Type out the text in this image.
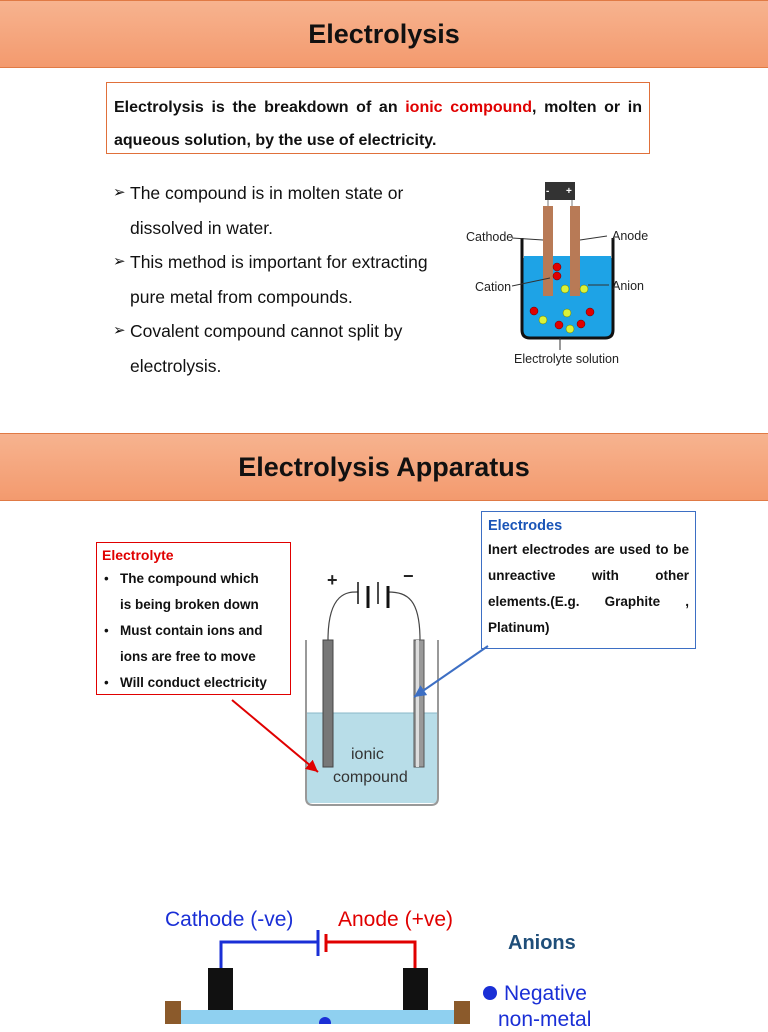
Electrolysis
Electrolysis is the breakdown of an ionic compound, molten or in aqueous solution, by the use of electricity.
➢ The compound is in molten state or
dissolved in water.
➢ This method is important for extracting
pure metal from compounds.
➢ Covalent compound cannot split by
electrolysis.
- +
Cathode	Anode
Cation	Anion
Electrolyte solution
Electrolysis Apparatus
Electrolyte
• The compound which
is being broken down
• Must contain ions and
ions are free to move
• Will conduct electricity
Electrodes
Inert electrodes are used to be unreactive with other elements.(E.g. Graphite , Platinum)
+	−
ionic
compound
Cathode (-ve) Anode (+ve)
Anions
Negative
non-metal
